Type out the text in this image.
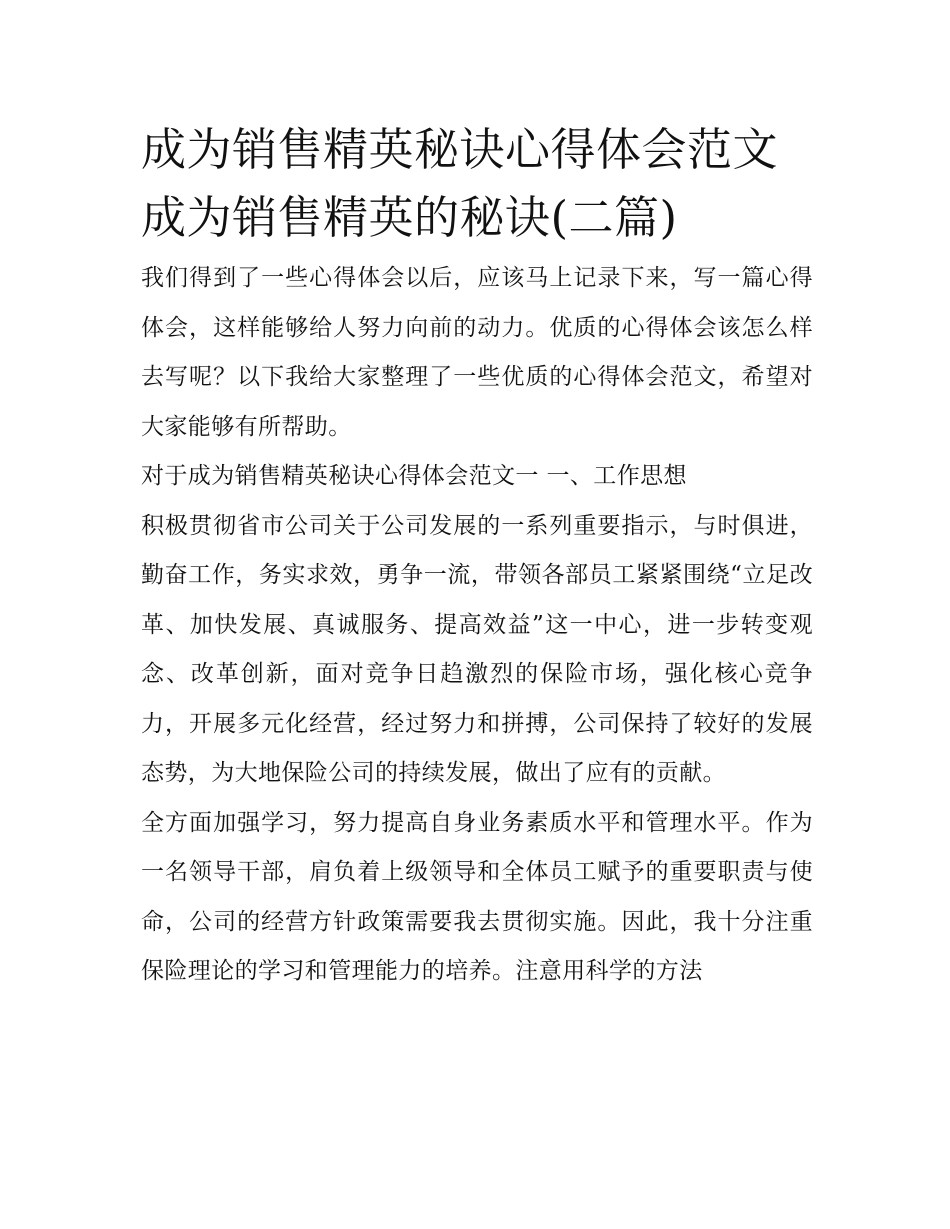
成为销售精英秘诀心得体会范文 成为销售精英的秘诀(二篇)

我们得到了一些心得体会以后，应该马上记录下来，写一篇心得体会，这样能够给人努力向前的动力。优质的心得体会该怎么样去写呢？以下我给大家整理了一些优质的心得体会范文，希望对大家能够有所帮助。

对于成为销售精英秘诀心得体会范文一 一、工作思想

积极贯彻省市公司关于公司发展的一系列重要指示，与时俱进，勤奋工作，务实求效，勇争一流，带领各部员工紧紧围绕“立足改革、加快发展、真诚服务、提高效益”这一中心，进一步转变观念、改革创新，面对竞争日趋激烈的保险市场，强化核心竞争力，开展多元化经营，经过努力和拼搏，公司保持了较好的发展态势，为大地保险公司的持续发展，做出了应有的贡献。

全方面加强学习，努力提高自身业务素质水平和管理水平。作为一名领导干部，肩负着上级领导和全体员工赋予的重要职责与使命，公司的经营方针政策需要我去贯彻实施。因此，我十分注重保险理论的学习和管理能力的培养。注意用科学的方法
